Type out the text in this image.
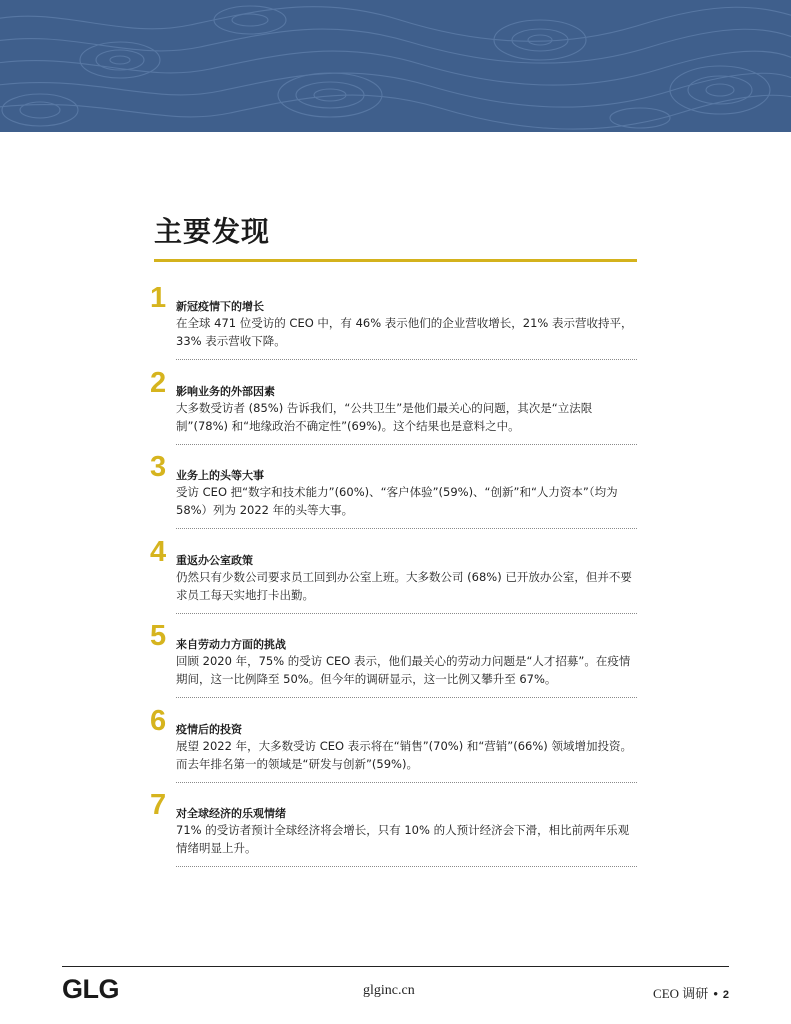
主要发现
1 新冠疫情下的增长
在全球 471 位受访的 CEO 中，有 46% 表示他们的企业营收增长，21% 表示营收持平，33% 表示营收下降。
2 影响业务的外部因素
大多数受访者 (85%) 告诉我们，“公共卫生”是他们最关心的问题，其次是“立法限制”(78%) 和“地缘政治不确定性”(69%)。这个结果也是意料之中。
3 业务上的头等大事
受访 CEO 把“数字和技术能力”(60%)、“客户体验”(59%)、“创新”和“人力资本”（均为 58%）列为 2022 年的头等大事。
4 重返办公室政策
仍然只有少数公司要求员工回到办公室上班。大多数公司 (68%) 已开放办公室，但并不要求员工每天实地打卡出勤。
5 来自劳动力方面的挑战
回顾 2020 年，75% 的受访 CEO 表示，他们最关心的劳动力问题是“人才招募”。在疫情期间，这一比例降至 50%。但今年的调研显示，这一比例又攀升至 67%。
6 疫情后的投资
展望 2022 年，大多数受访 CEO 表示将在“销售”(70%) 和“营销”(66%) 领域增加投资。而去年排名第一的领域是“研发与创新”(59%)。
7 对全球经济的乐观情绪
71% 的受访者预计全球经济将会增长，只有 10% 的人预计经济会下滑，相比前两年乐观情绪明显上升。
GLG	glginc.cn	CEO 调研 • 2
